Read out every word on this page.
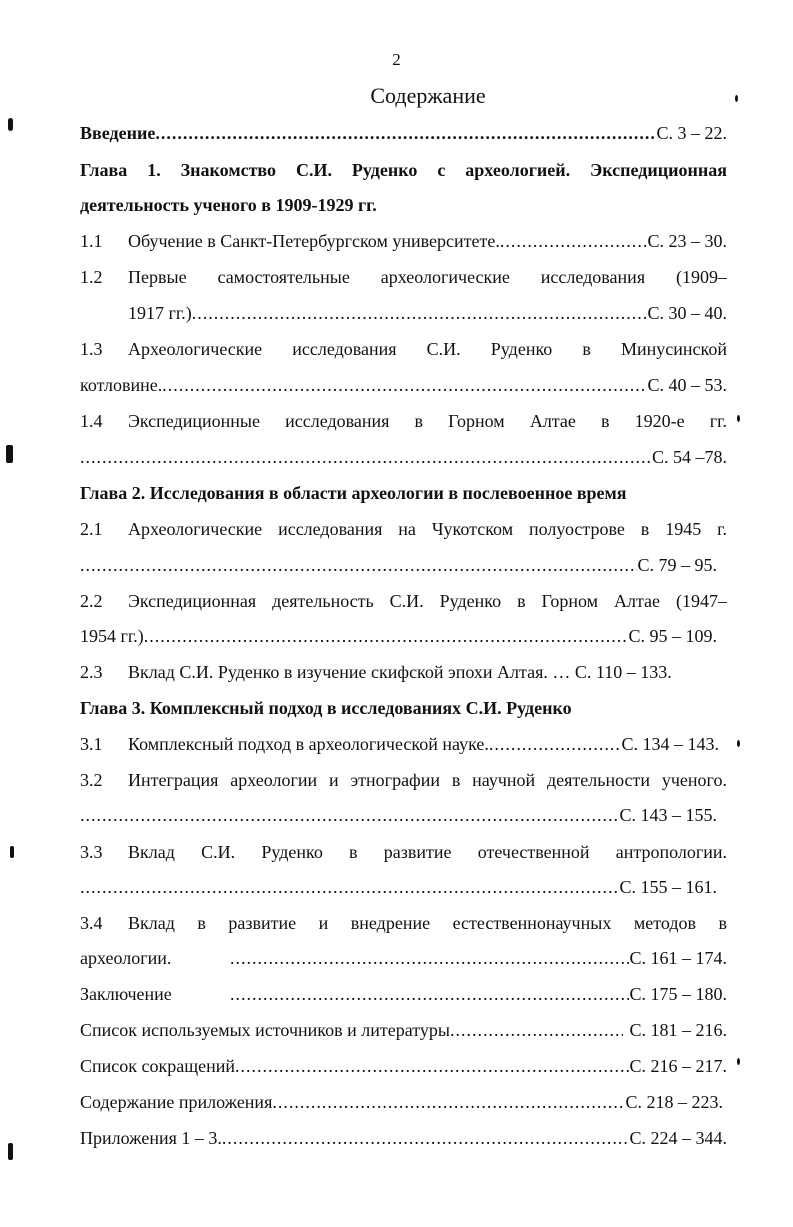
2
Содержание
Введение .....	С. 3 – 22.
Глава 1. Знакомство С.И. Руденко с археологией. Экспедиционная
деятельность ученого в 1909-1929 гг.
1.1 Обучение в Санкт-Петербургском университете. .....	С. 23 – 30.
1.2 Первые самостоятельные археологические исследования (1909–
1917 гг.) .....	С. 30 – 40.
1.3 Археологические исследования С.И. Руденко в Минусинской
котловине. .....	С. 40 – 53.
1.4 Экспедиционные исследования в Горном Алтае в 1920-е гг.
.....
С. 54 –78.
Глава 2. Исследования в области археологии в послевоенное время
2.1 Археологические исследования на Чукотском полуострове в 1945 г.
.....
С. 79 – 95.
2.2 Экспедиционная деятельность С.И. Руденко в Горном Алтае (1947–
1954 гг.) .....	С. 95 – 109.
2.3 Вклад С.И. Руденко в изучение скифской эпохи Алтая. … С. 110 – 133.
Глава 3. Комплексный подход в исследованиях С.И. Руденко
3.1 Комплексный подход в археологической науке. .....	С. 134 – 143.
3.2 Интеграция археологии и этнографии в научной деятельности ученого.
.....
С. 143 – 155.
3.3 Вклад С.И. Руденко в развитие отечественной антропологии.
.....
С. 155 – 161.
3.4 Вклад в развитие и внедрение естественнонаучных методов в
археологии. .....	С. 161 – 174.
Заключение .....	С. 175 – 180.
Список используемых источников и литературы .....	С. 181 – 216.
Список сокращений .....	С. 216 – 217.
Содержание приложения .....	С. 218 – 223.
Приложения 1 – 3. .....	С. 224 – 344.
